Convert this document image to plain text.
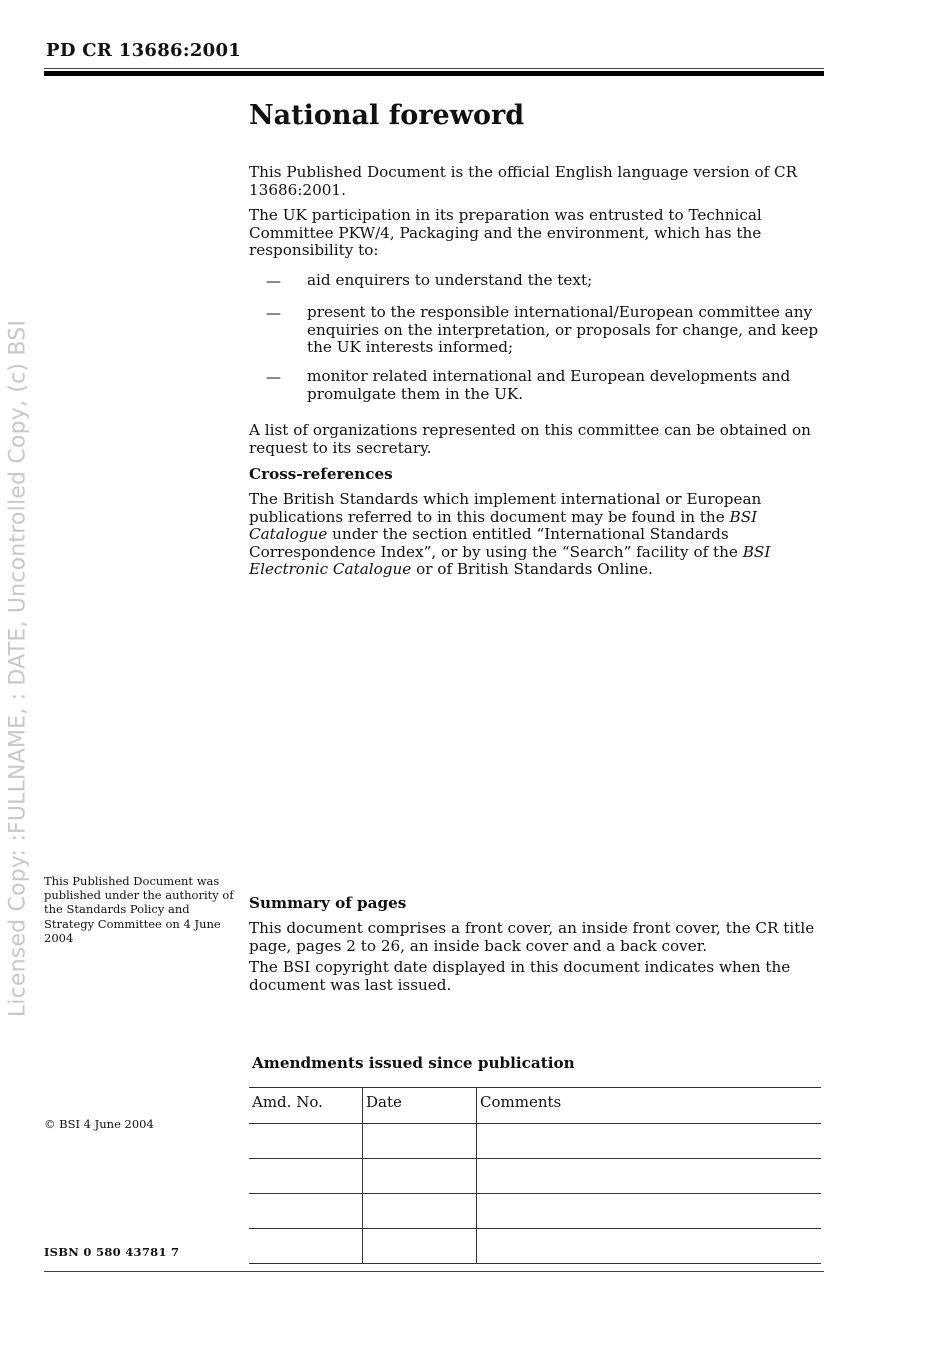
Licensed Copy: :FULLNAME, : DATE, Uncontrolled Copy, (c) BSI
PD CR 13686:2001
National foreword
This Published Document is the official English language version of CR 13686:2001.
The UK participation in its preparation was entrusted to Technical Committee PKW/4, Packaging and the environment, which has the responsibility to:
— aid enquirers to understand the text;
— present to the responsible international/European committee any enquiries on the interpretation, or proposals for change, and keep the UK interests informed;
— monitor related international and European developments and promulgate them in the UK.
A list of organizations represented on this committee can be obtained on request to its secretary.
Cross-references
The British Standards which implement international or European publications referred to in this document may be found in the BSI Catalogue under the section entitled “International Standards Correspondence Index”, or by using the “Search” facility of the BSI Electronic Catalogue or of British Standards Online.
This Published Document was published under the authority of the Standards Policy and Strategy Committee on 4 June 2004
Summary of pages
This document comprises a front cover, an inside front cover, the CR title page, pages 2 to 26, an inside back cover and a back cover.
The BSI copyright date displayed in this document indicates when the document was last issued.
Amendments issued since publication
Amd. No.	Date	Comments

© BSI 4 June 2004
ISBN 0 580 43781 7
